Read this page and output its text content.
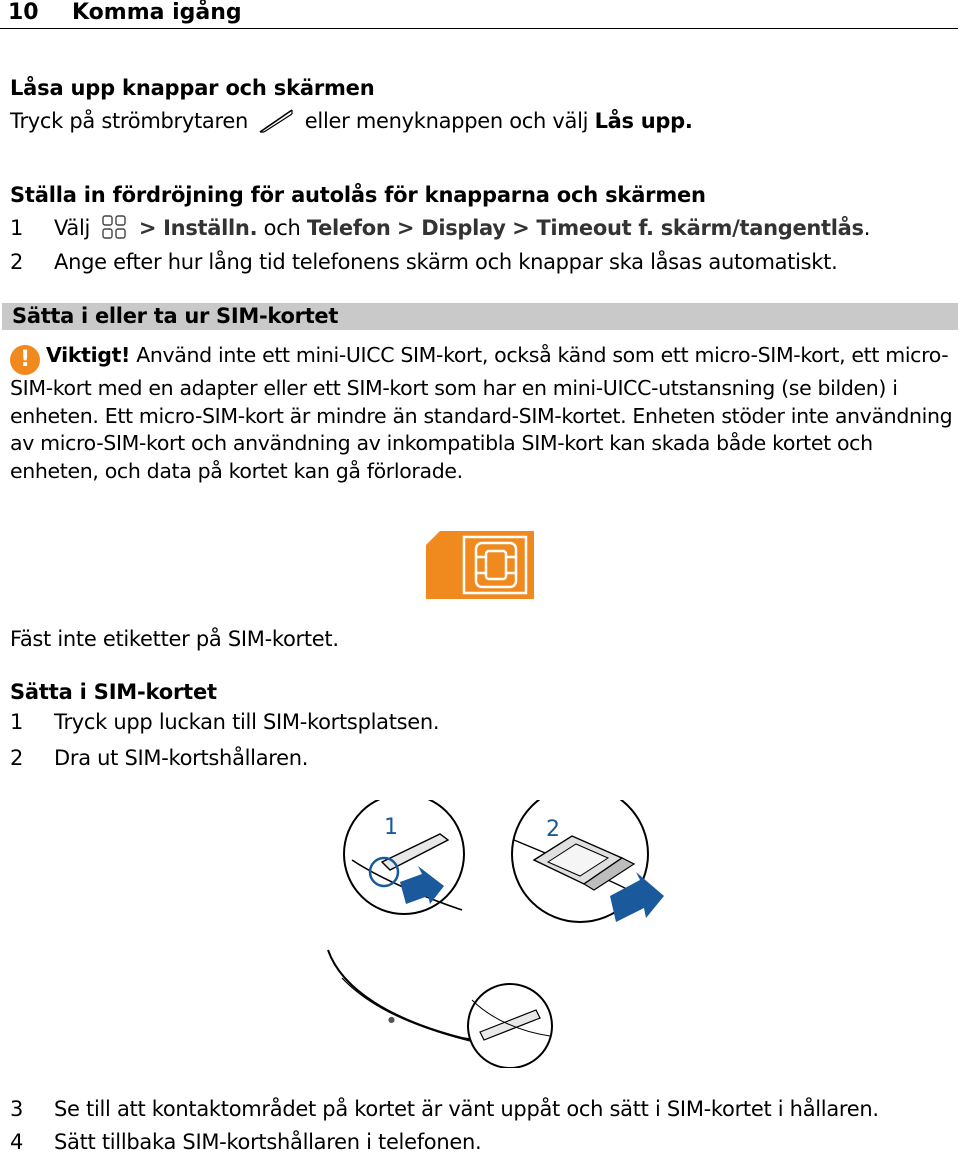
10 Komma igång
Låsa upp knappar och skärmen
Tryck på strömbrytaren	eller menyknappen och välj Lås upp.
Ställa in fördröjning för autolås för knapparna och skärmen
1 Välj > Inställn. och Telefon > Display > Timeout f. skärm/tangentlås.
2 Ange efter hur lång tid telefonens skärm och knappar ska låsas automatiskt.
Sätta i eller ta ur SIM-kortet
! Viktigt! Använd inte ett mini-UICC SIM-kort, också känd som ett micro-SIM-kort, ett micro-SIM-kort med en adapter eller ett SIM-kort som har en mini-UICC-utstansning (se bilden) i enheten. Ett micro-SIM-kort är mindre än standard-SIM-kortet. Enheten stöder inte användning av micro-SIM-kort och användning av inkompatibla SIM-kort kan skada både kortet och enheten, och data på kortet kan gå förlorade.
Fäst inte etiketter på SIM-kortet.
Sätta i SIM-kortet
1 Tryck upp luckan till SIM-kortsplatsen.
2 Dra ut SIM-kortshållaren.
●
1	2
3 Se till att kontaktområdet på kortet är vänt uppåt och sätt i SIM-kortet i hållaren.
4 Sätt tillbaka SIM-kortshållaren i telefonen.
